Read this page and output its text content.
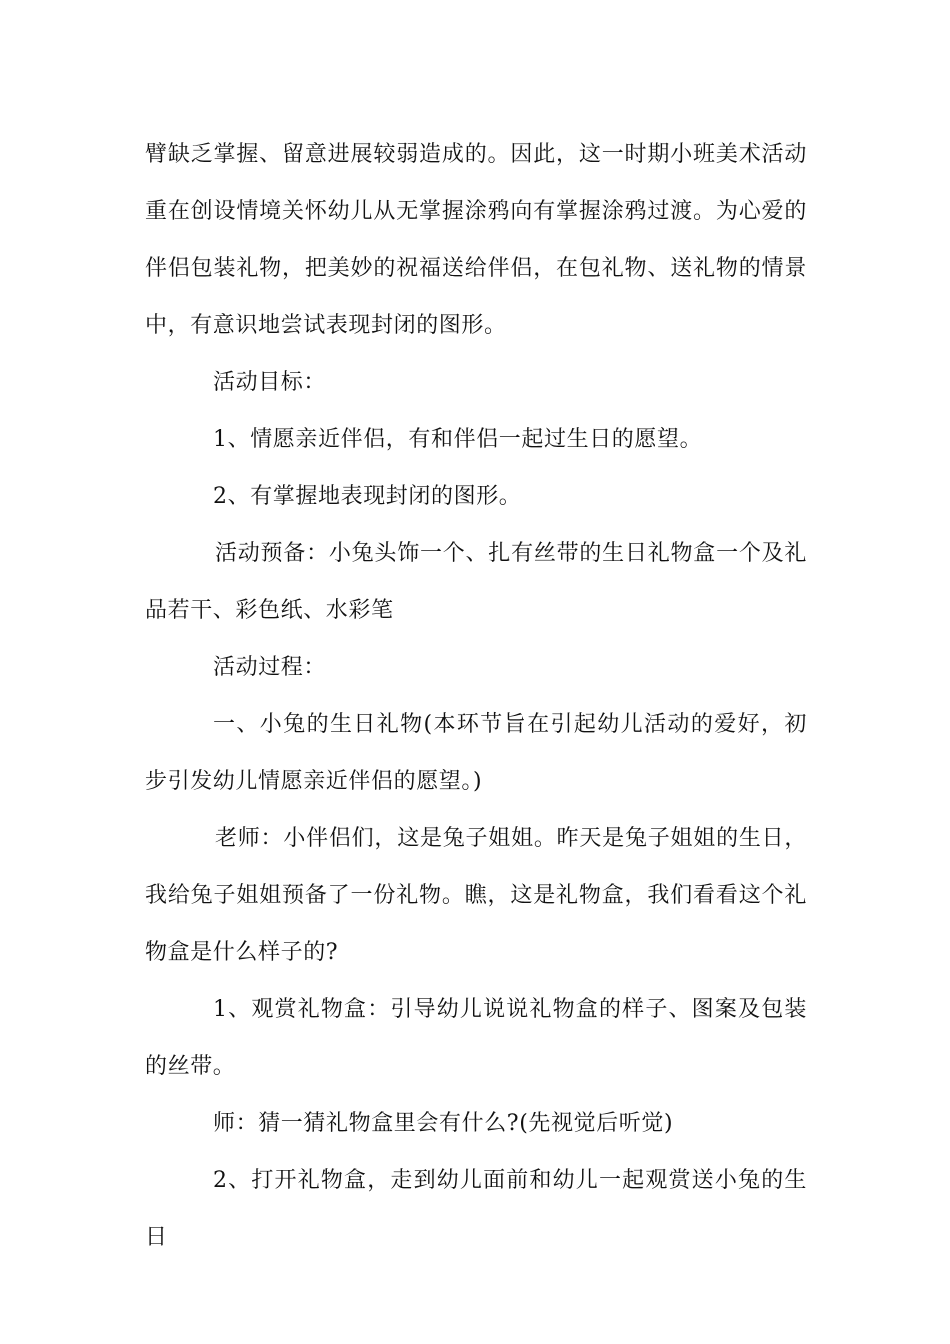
臂缺乏掌握、留意进展较弱造成的。因此，这一时期小班美术活动重在创设情境关怀幼儿从无掌握涂鸦向有掌握涂鸦过渡。为心爱的伴侣包装礼物，把美妙的祝福送给伴侣，在包礼物、送礼物的情景中，有意识地尝试表现封闭的图形。

活动目标：

1、情愿亲近伴侣，有和伴侣一起过生日的愿望。

2、有掌握地表现封闭的图形。

活动预备：小兔头饰一个、扎有丝带的生日礼物盒一个及礼品若干、彩色纸、水彩笔

活动过程：

一、小兔的生日礼物(本环节旨在引起幼儿活动的爱好，初步引发幼儿情愿亲近伴侣的愿望。)

老师：小伴侣们，这是兔子姐姐。昨天是兔子姐姐的生日，我给兔子姐姐预备了一份礼物。瞧，这是礼物盒，我们看看这个礼物盒是什么样子的?

1、观赏礼物盒：引导幼儿说说礼物盒的样子、图案及包装的丝带。

师：猜一猜礼物盒里会有什么?(先视觉后听觉)

2、打开礼物盒，走到幼儿面前和幼儿一起观赏送小兔的生日
